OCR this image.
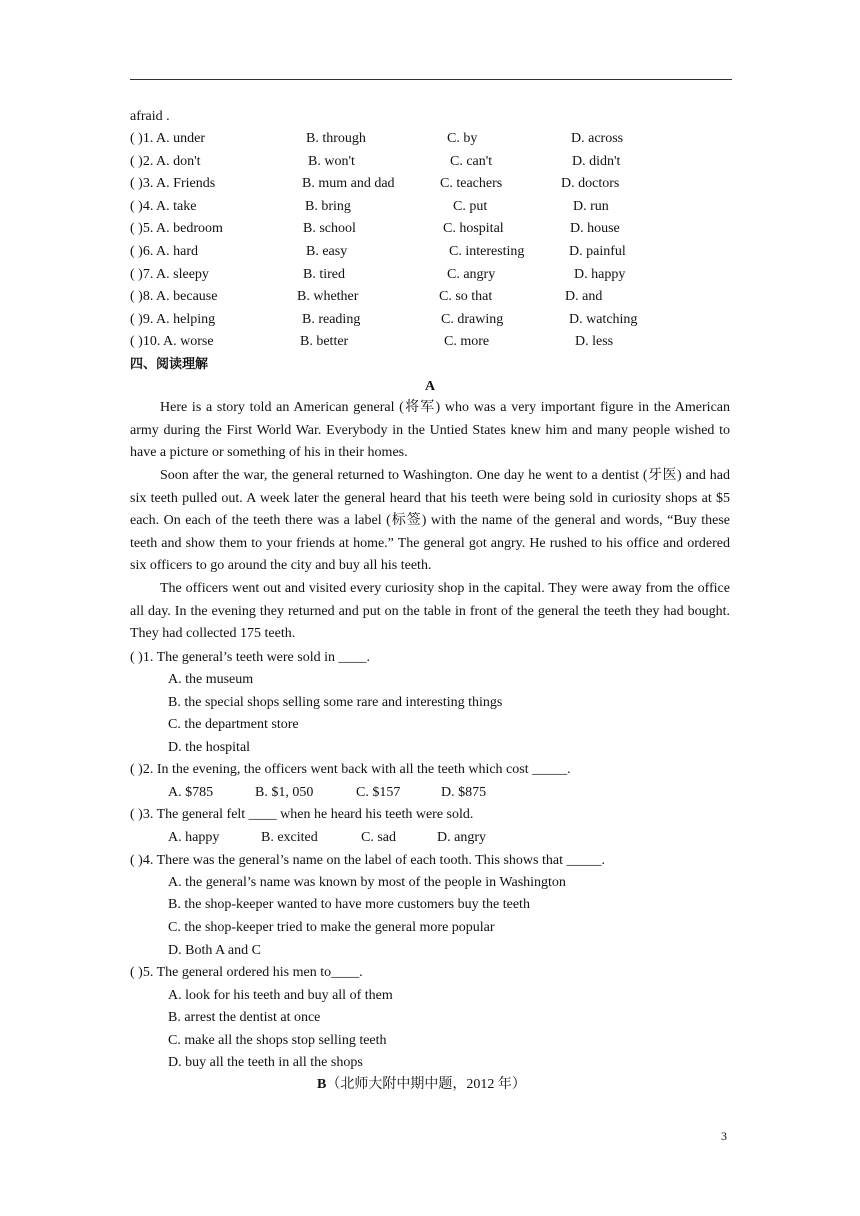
afraid .
( )1. A. under	B. through	C. by	D. across
( )2. A. don't	B. won't	C. can't	D. didn't
( )3. A. Friends	B. mum and dad	C. teachers	D. doctors
( )4. A. take	B. bring	C. put	D. run
( )5. A. bedroom	B. school	C. hospital	D. house
( )6. A. hard	B. easy	C. interesting	D. painful
( )7. A. sleepy	B. tired	C. angry	D. happy
( )8. A. because	B. whether	C. so that	D. and
( )9. A. helping	B. reading	C. drawing	D. watching
( )10. A. worse	B. better	C. more	D. less
四、阅读理解
A
Here is a story told an American general (将军) who was a very important figure in the American army during the First World War. Everybody in the Untied States knew him and many people wished to have a picture or something of his in their homes.
Soon after the war, the general returned to Washington. One day he went to a dentist (牙医) and had six teeth pulled out. A week later the general heard that his teeth were being sold in curiosity shops at $5 each. On each of the teeth there was a label (标签) with the name of the general and words, “Buy these teeth and show them to your friends at home.” The general got angry. He rushed to his office and ordered six officers to go around the city and buy all his teeth.
The officers went out and visited every curiosity shop in the capital. They were away from the office all day. In the evening they returned and put on the table in front of the general the teeth they had bought. They had collected 175 teeth.
( )1. The general’s teeth were sold in ____.
A. the museum
B. the special shops selling some rare and interesting things
C. the department store
D. the hospital
( )2. In the evening, the officers went back with all the teeth which cost _____.
A. $785	B. $1, 050	C. $157	D. $875
( )3. The general felt ____ when he heard his teeth were sold.
A. happy	B. excited	C. sad	D. angry
( )4. There was the general’s name on the label of each tooth. This shows that _____.
A. the general’s name was known by most of the people in Washington
B. the shop-keeper wanted to have more customers buy the teeth
C. the shop-keeper tried to make the general more popular
D. Both A and C
( )5. The general ordered his men to____.
A. look for his teeth and buy all of them
B. arrest the dentist at once
C. make all the shops stop selling teeth
D. buy all the teeth in all the shops
B（北师大附中期中题，2012 年）
3
